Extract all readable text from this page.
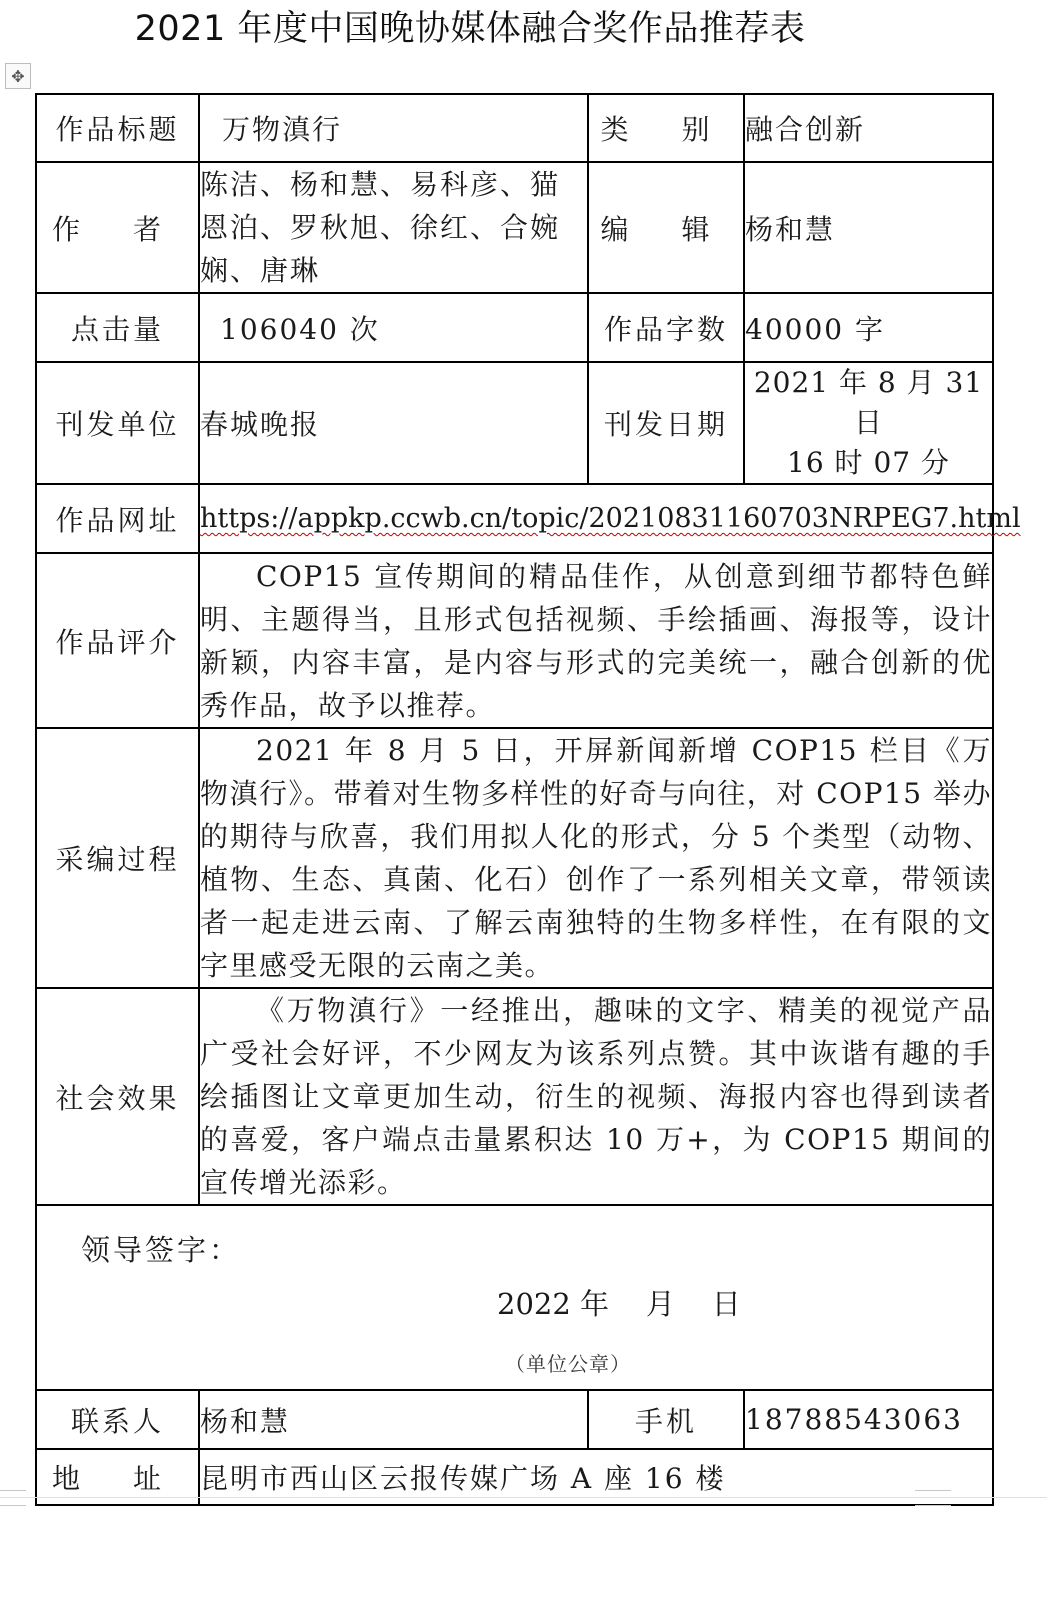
2021 年度中国晚协媒体融合奖作品推荐表
✥
作品标题	万物滇行	类 别	融合创新
作 者	陈洁、杨和慧、易科彦、猫
恩泊、罗秋旭、徐红、合婉
娴、唐琳	编 辑	杨和慧
点击量	106040 次	作品字数	40000 字
刊发单位	春城晚报	刊发日期	2021 年 8 月 31 日
16 时 07 分

作品网址	https://appkp.ccwb.cn/topic/20210831160703NRPEG7.html		
作品评介	COP15 宣传期间的精品佳作，从创意到细节都特色鲜明、主题得当，且形式包括视频、手绘插画、海报等，设计新颖，内容丰富，是内容与形式的完美统一，融合创新的优秀作品，故予以推荐。		
采编过程	2021 年 8 月 5 日，开屏新闻新增 COP15 栏目《万物滇行》。带着对生物多样性的好奇与向往，对 COP15 举办的期待与欣喜，我们用拟人化的形式，分 5 个类型（动物、植物、生态、真菌、化石）创作了一系列相关文章，带领读者一起走进云南、了解云南独特的生物多样性，在有限的文字里感受无限的云南之美。		
社会效果	《万物滇行》一经推出，趣味的文字、精美的视觉产品广受社会好评，不少网友为该系列点赞。其中诙谐有趣的手绘插图让文章更加生动，衍生的视频、海报内容也得到读者的喜爱，客户端点击量累积达 10 万+，为 COP15 期间的宣传增光添彩。		

领导签字：
2022 年    月    日
（单位公章）			

联系人	杨和慧	手机	18788543063
地 址	昆明市西山区云报传媒广场 A 座 16 楼		
